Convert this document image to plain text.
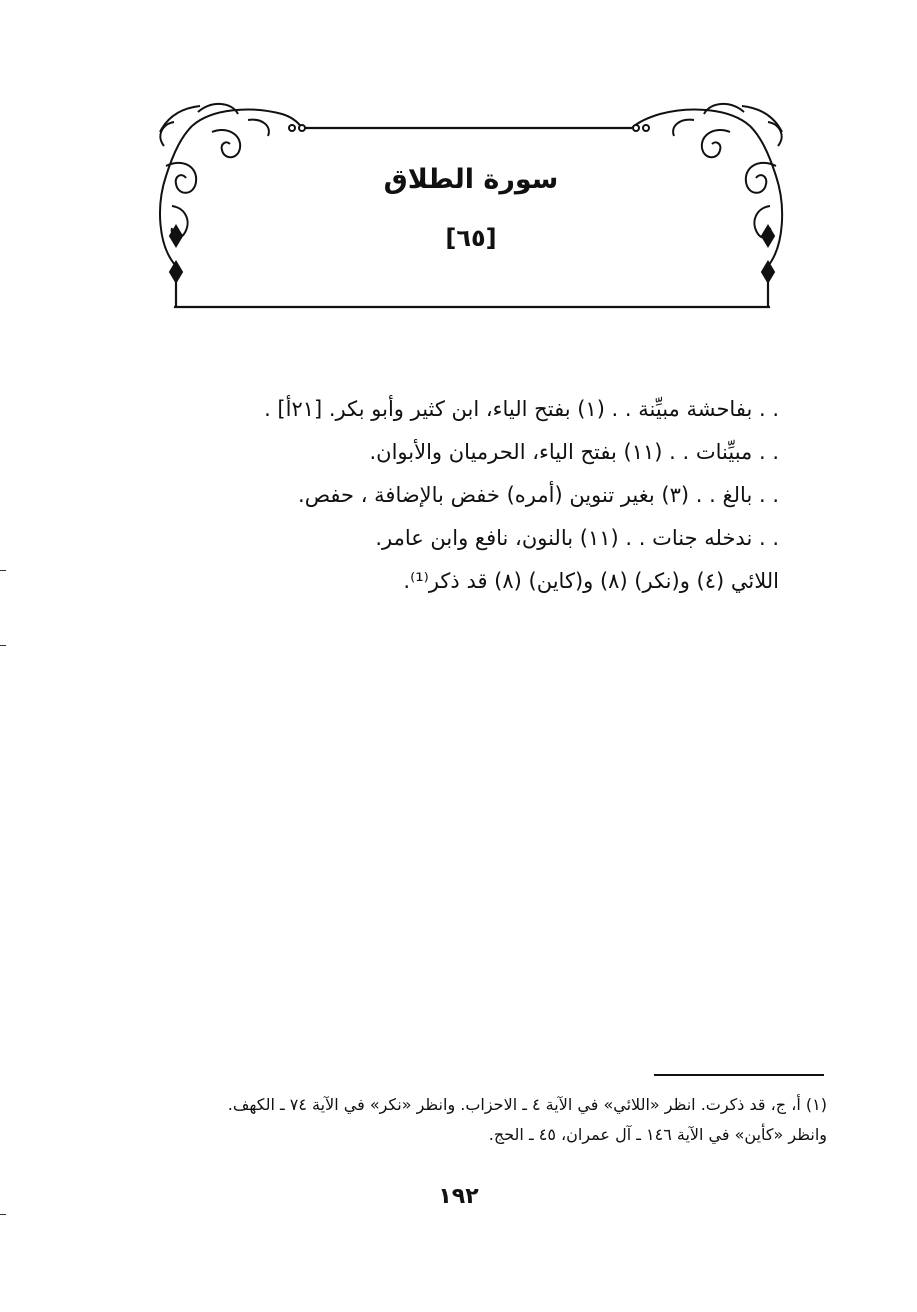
سورة الطلاق
[٦٥]
. . بفاحشة مبيِّنة . . (١) بفتح الياء، ابن كثير وأبو بكر. [٢١أ] .
. . مبيِّنات . . (١١) بفتح الياء، الحرميان والأبوان.
. . بالغ . . (٣) بغير تنوين (أمره) خفض بالإضافة ، حفص.
. . ندخله جنات . . (١١) بالنون، نافع وابن عامر.
اللائي (٤) و(نكر) (٨) و(كاين) (٨) قد ذكر⁽¹⁾.
(١) أ، ج، قد ذكرت. انظر «اللائي» في الآية ٤ ـ الاحزاب. وانظر «نكر» في الآية ٧٤ ـ الكهف.
وانظر «كأين» في الآية ١٤٦ ـ آل عمران، ٤٥ ـ الحج.
١٩٢
